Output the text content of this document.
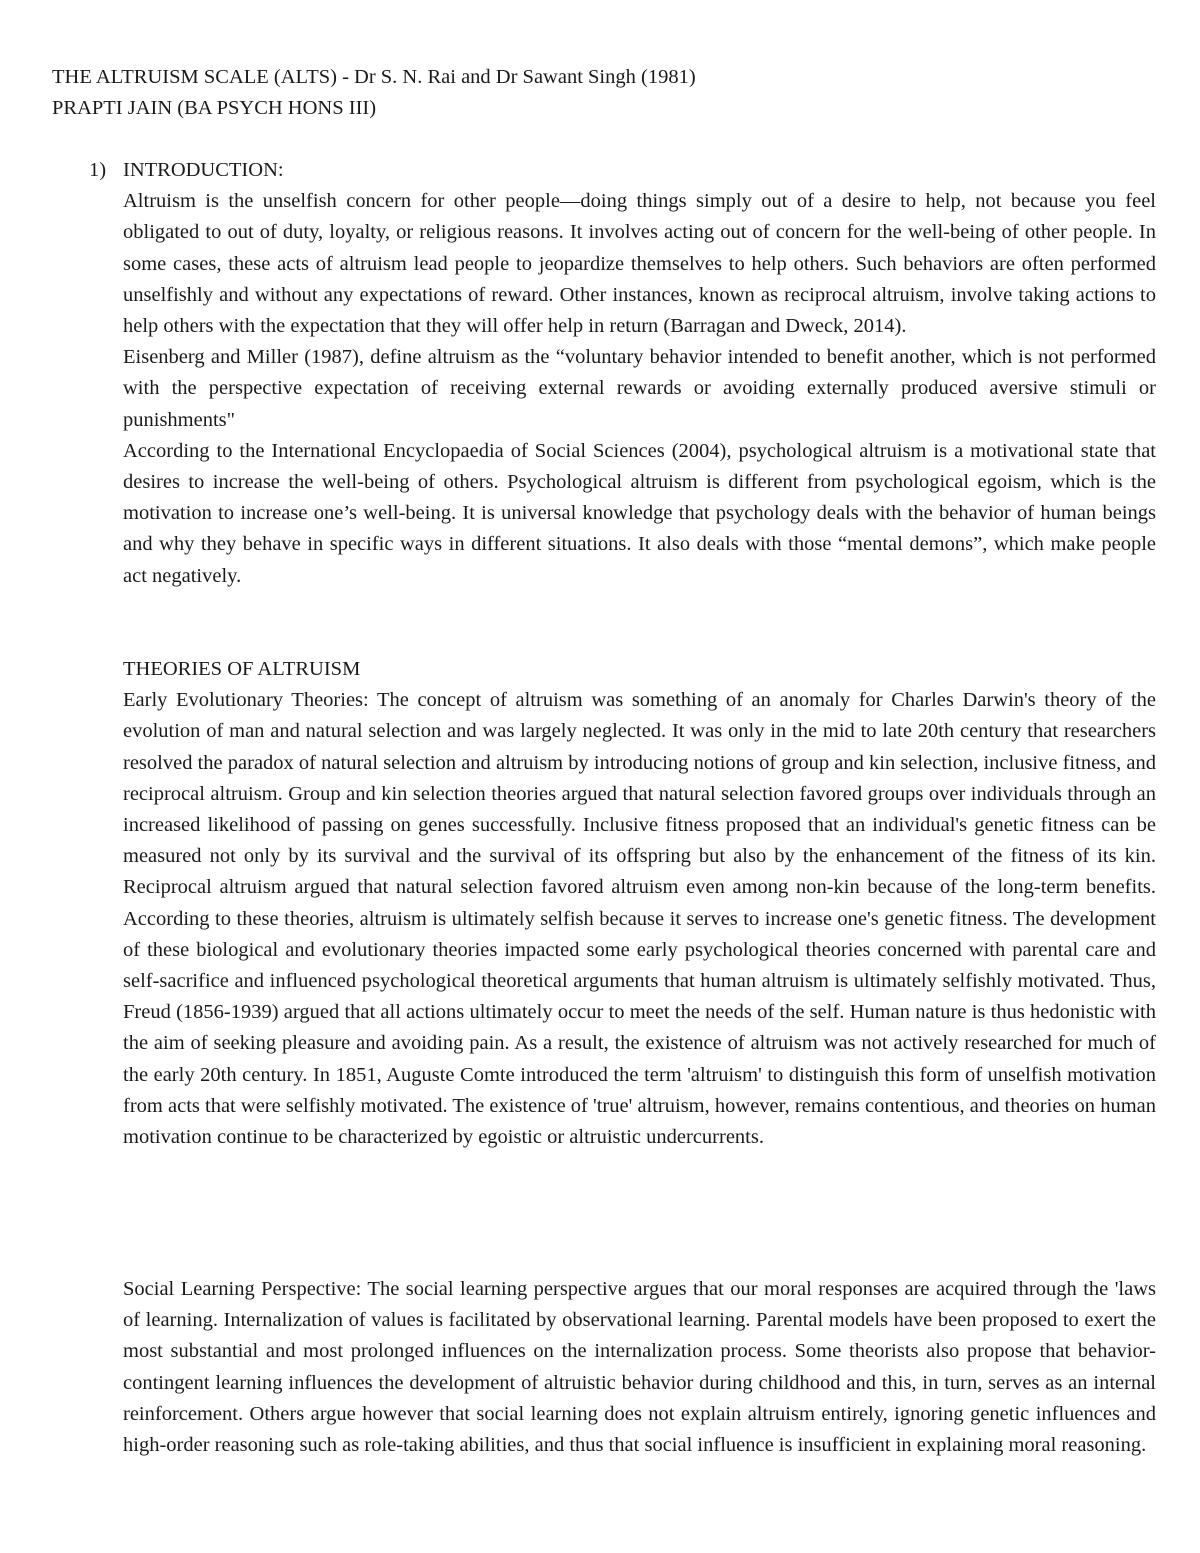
THE ALTRUISM SCALE (ALTS) - Dr S. N. Rai and Dr Sawant Singh (1981)
PRAPTI JAIN (BA PSYCH HONS III)
1) INTRODUCTION:

Altruism is the unselfish concern for other people—doing things simply out of a desire to help, not because you feel obligated to out of duty, loyalty, or religious reasons. It involves acting out of concern for the well-being of other people. In some cases, these acts of altruism lead people to jeopardize themselves to help others. Such behaviors are often performed unselfishly and without any expectations of reward. Other instances, known as reciprocal altruism, involve taking actions to help others with the expectation that they will offer help in return (Barragan and Dweck, 2014).

Eisenberg and Miller (1987), define altruism as the “voluntary behavior intended to benefit another, which is not performed with the perspective expectation of receiving external rewards or avoiding externally produced aversive stimuli or punishments"

According to the International Encyclopaedia of Social Sciences (2004), psychological altruism is a motivational state that desires to increase the well-being of others. Psychological altruism is different from psychological egoism, which is the motivation to increase one’s well-being. It is universal knowledge that psychology deals with the behavior of human beings and why they behave in specific ways in different situations. It also deals with those “mental demons”, which make people act negatively.

THEORIES OF ALTRUISM

Early Evolutionary Theories: The concept of altruism was something of an anomaly for Charles Darwin's theory of the evolution of man and natural selection and was largely neglected. It was only in the mid to late 20th century that researchers resolved the paradox of natural selection and altruism by introducing notions of group and kin selection, inclusive fitness, and reciprocal altruism. Group and kin selection theories argued that natural selection favored groups over individuals through an increased likelihood of passing on genes successfully. Inclusive fitness proposed that an individual's genetic fitness can be measured not only by its survival and the survival of its offspring but also by the enhancement of the fitness of its kin. Reciprocal altruism argued that natural selection favored altruism even among non-kin because of the long-term benefits. According to these theories, altruism is ultimately selfish because it serves to increase one's genetic fitness. The development of these biological and evolutionary theories impacted some early psychological theories concerned with parental care and self-sacrifice and influenced psychological theoretical arguments that human altruism is ultimately selfishly motivated. Thus, Freud (1856-1939) argued that all actions ultimately occur to meet the needs of the self. Human nature is thus hedonistic with the aim of seeking pleasure and avoiding pain. As a result, the existence of altruism was not actively researched for much of the early 20th century. In 1851, Auguste Comte introduced the term 'altruism' to distinguish this form of unselfish motivation from acts that were selfishly motivated. The existence of 'true' altruism, however, remains contentious, and theories on human motivation continue to be characterized by egoistic or altruistic undercurrents.

Social Learning Perspective: The social learning perspective argues that our moral responses are acquired through the 'laws of learning. Internalization of values is facilitated by observational learning. Parental models have been proposed to exert the most substantial and most prolonged influences on the internalization process. Some theorists also propose that behavior-contingent learning influences the development of altruistic behavior during childhood and this, in turn, serves as an internal reinforcement. Others argue however that social learning does not explain altruism entirely, ignoring genetic influences and high-order reasoning such as role-taking abilities, and thus that social influence is insufficient in explaining moral reasoning.
